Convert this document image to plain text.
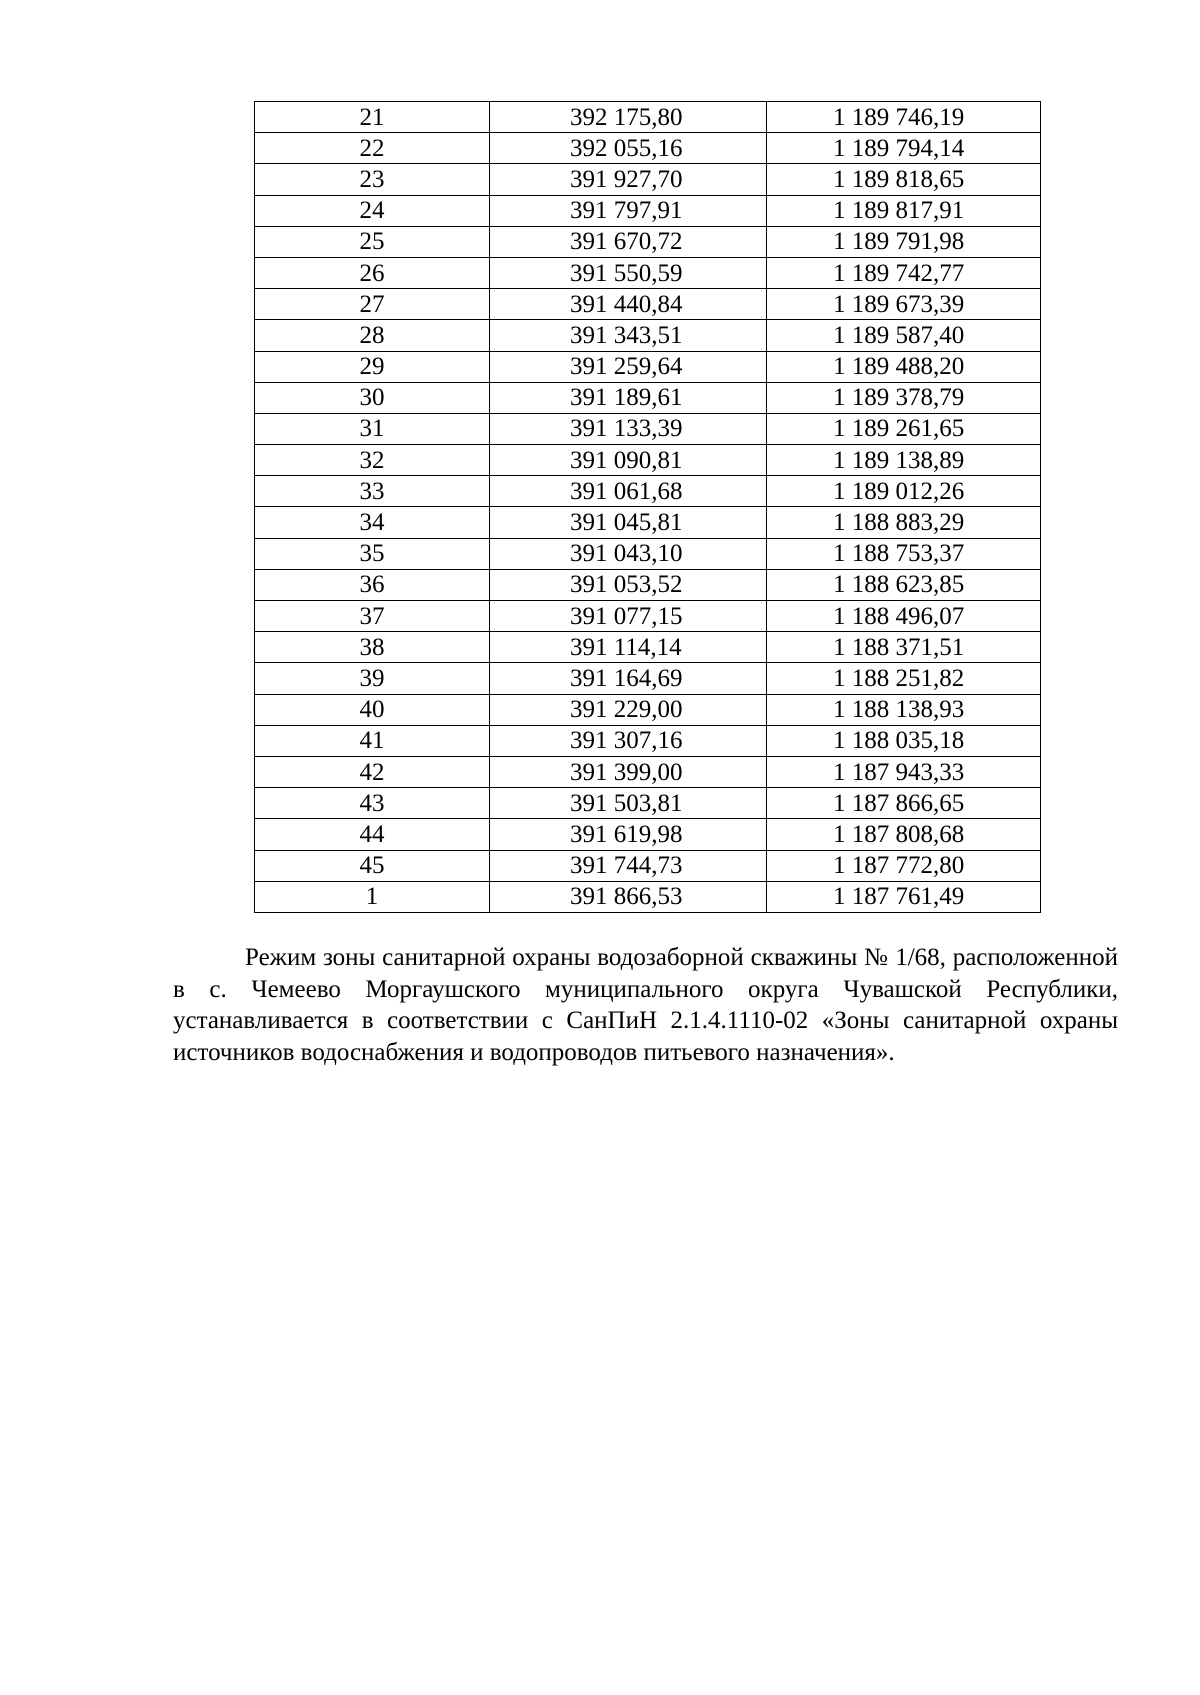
21	392 175,80	1 189 746,19
22	392 055,16	1 189 794,14
23	391 927,70	1 189 818,65
24	391 797,91	1 189 817,91
25	391 670,72	1 189 791,98
26	391 550,59	1 189 742,77
27	391 440,84	1 189 673,39
28	391 343,51	1 189 587,40
29	391 259,64	1 189 488,20
30	391 189,61	1 189 378,79
31	391 133,39	1 189 261,65
32	391 090,81	1 189 138,89
33	391 061,68	1 189 012,26
34	391 045,81	1 188 883,29
35	391 043,10	1 188 753,37
36	391 053,52	1 188 623,85
37	391 077,15	1 188 496,07
38	391 114,14	1 188 371,51
39	391 164,69	1 188 251,82
40	391 229,00	1 188 138,93
41	391 307,16	1 188 035,18
42	391 399,00	1 187 943,33
43	391 503,81	1 187 866,65
44	391 619,98	1 187 808,68
45	391 744,73	1 187 772,80
1	391 866,53	1 187 761,49

Режим зоны санитарной охраны водозаборной скважины № 1/68, расположенной в с. Чемеево Моргаушского муниципального округа Чувашской Республики, устанавливается в соответствии с СанПиН 2.1.4.1110-02 «Зоны санитарной охраны источников водоснабжения и водопроводов питьевого назначения».
